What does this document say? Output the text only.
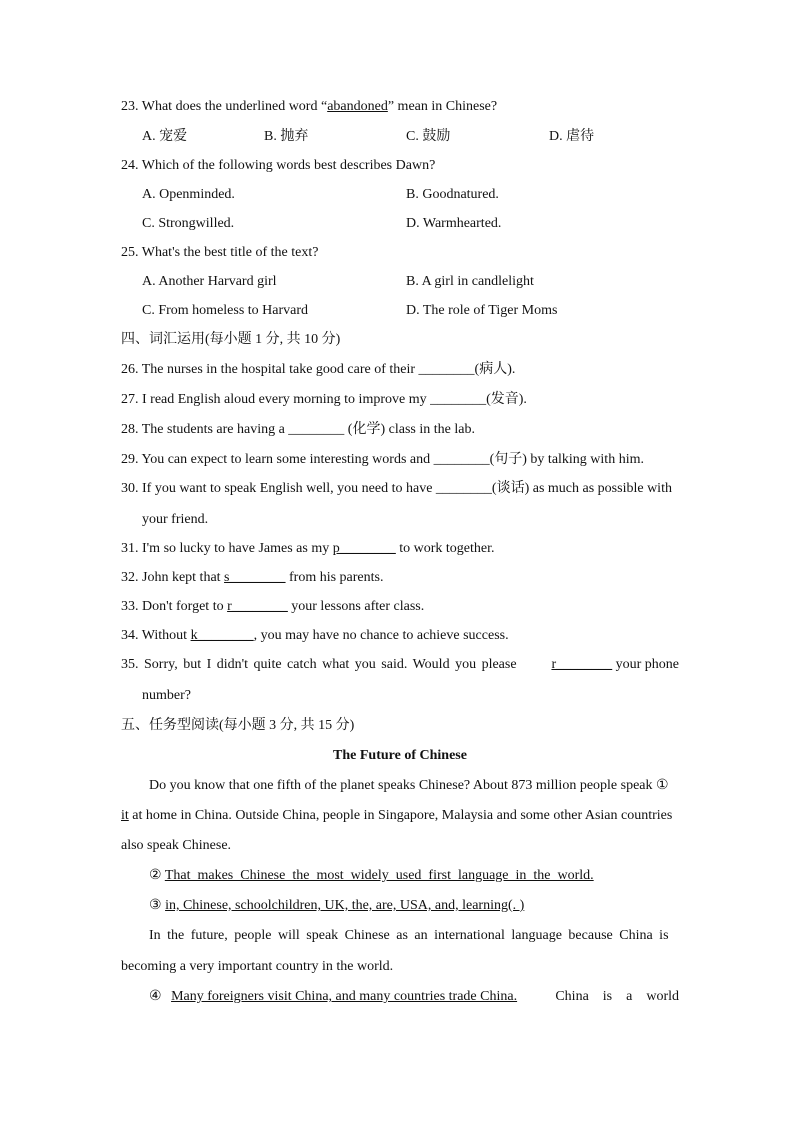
23. What does the underlined word “abandoned” mean in Chinese?
A. 宠爱	B. 抛弃	C. 鼓励	D. 虐待
24. Which of the following words best describes Dawn?
A. Openminded.	B. Goodnatured.
C. Strongwilled.	D. Warmhearted.
25. What's the best title of the text?
A. Another Harvard girl	B. A girl in candlelight
C. From homeless to Harvard	D. The role of Tiger Moms
四、词汇运用(每小题 1 分, 共 10 分)
26. The nurses in the hospital take good care of their ________(病人).
27. I read English aloud every morning to improve my ________(发音).
28. The students are having a ________ (化学) class in the lab.
29. You can expect to learn some interesting words and ________(句子) by talking with him.
30. If you want to speak English well, you need to have ________(谈话) as much as possible with
your friend.
31. I'm so lucky to have James as my p________ to work together.
32. John kept that s________ from his parents.
33. Don't forget to r________ your lessons after class.
34. Without k________, you may have no chance to achieve success.
35. Sorry, but I didn't quite catch what you said. Would you please r________ your phone
number?
五、任务型阅读(每小题 3 分, 共 15 分)
The Future of Chinese
Do you know that one fifth of the planet speaks Chinese? About 873 million people speak ①
it at home in China. Outside China, people in Singapore, Malaysia and some other Asian countries
also speak Chinese.
② That  makes  Chinese  the  most  widely  used  first  language  in  the  world.
③ in, Chinese, schoolchildren, UK, the, are, USA, and, learning(. )
In the future, people will speak Chinese as an international language because China is
becoming a very important country in the world.
④ Many foreigners visit China, and many countries trade China.	China    is    a    world
